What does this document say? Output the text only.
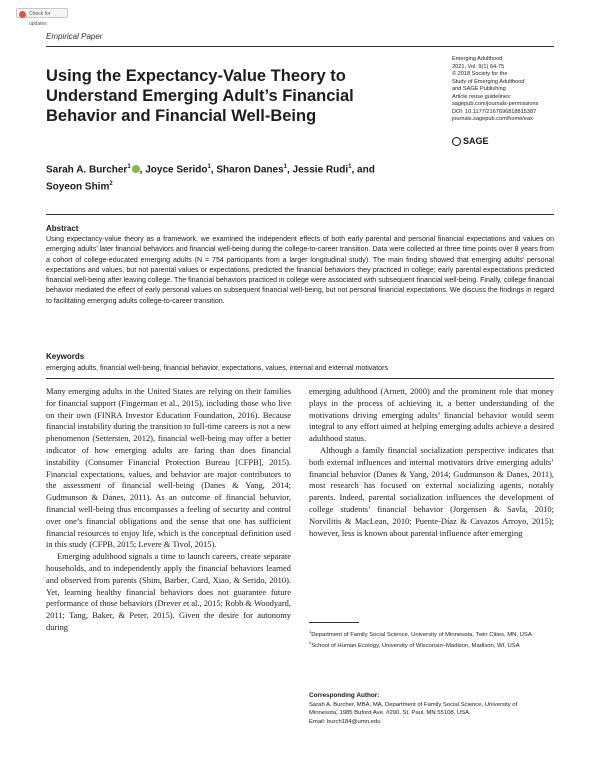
Check for updates
Empirical Paper
Using the Expectancy-Value Theory to Understand Emerging Adult’s Financial Behavior and Financial Well-Being
Emerging Adulthood
2021, Vol. 9(1) 64-75
© 2018 Society for the
Study of Emerging Adulthood
and SAGE Publishing
Article reuse guidelines:
sagepub.com/journals-permissions
DOI: 10.1177/2167696818815387
journals.sagepub.com/home/eax
SAGE
Sarah A. Burcher$^1$ , Joyce Serido$^1$, Sharon Danes$^1$, Jessie Rudi$^1$, and Soyeon Shim$^2$
Abstract

Using expectancy-value theory as a framework, we examined the independent effects of both early parental and personal financial expectations and values on emerging adults’ later financial behaviors and financial well-being during the college-to-career transition. Data were collected at three time points over 8 years from a cohort of college-educated emerging adults (N = 754 participants from a larger longitudinal study). The main finding showed that emerging adults’ personal expectations and values, but not parental values or expectations, predicted the financial behaviors they practiced in college; early parental expectations predicted financial well-being after leaving college. The financial behaviors practiced in college were associated with subsequent financial well-being. Finally, college financial behavior mediated the effect of early personal values on subsequent financial well-being, but not personal financial expectations. We discuss the findings in regard to facilitating emerging adults college-to-career transition.

Keywords
emerging adults, financial well-being, financial behavior, expectations, values, internal and external motivators

Many emerging adults in the United States are relying on their families for financial support (Fingerman et al., 2015), including those who live on their own (FINRA Investor Education Foundation, 2016). Because financial instability during the transition to full-time careers is not a new phenomenon (Settersten, 2012), financial well-being may offer a better indicator of how emerging adults are faring than does financial instability (Consumer Financial Protection Bureau [CFPB], 2015). Financial expectations, values, and behavior are major contributors to the assessment of financial well-being (Danes & Yang, 2014; Gudmunson & Danes, 2011). As an outcome of financial behavior, financial well-being thus encompasses a feeling of security and control over one’s financial obligations and the sense that one has sufficient financial resources to enjoy life, which is the conceptual definition used in this study (CFPB, 2015; Levere & Tivol, 2015).

Emerging adulthood signals a time to launch careers, create separate households, and to independently apply the financial behaviors learned and observed from parents (Shim, Barber, Card, Xiao, & Serido, 2010). Yet, learning healthy financial behaviors does not guarantee future performance of those behaviors (Drever et al., 2015; Robb & Woodyard, 2011; Tang, Baker, & Peter, 2015). Given the desire for autonomy during

emerging adulthood (Arnett, 2000) and the prominent role that money plays in the process of achieving it, a better understanding of the motivations driving emerging adults’ financial behavior would seem integral to any effort aimed at helping emerging adults achieve a desired adulthood status.

Although a family financial socialization perspective indicates that both external influences and internal motivators drive emerging adults’ financial behavior (Danes & Yang, 2014; Gudmunson & Danes, 2011), most research has focused on external socializing agents, notably parents. Indeed, parental socialization influences the development of college students’ financial behavior (Jorgensen & Savla, 2010; Norvilitis & MacLean, 2010; Puente-Díaz & Cavazos Arroyo, 2015); however, less is known about parental influence after emerging

$^1$Department of Family Social Science, University of Minnesota, Twin Cities, MN, USA

$^2$School of Human Ecology, University of Wisconsin–Madison, Madison, WI, USA

Corresponding Author:
Sarah A. Burcher, MBA, MA, Department of Family Social Science, University of
Minnesota, 1985 Buford Ave. #290, St. Paul, MN 55108, USA.
Email: burch184@umn.edu
